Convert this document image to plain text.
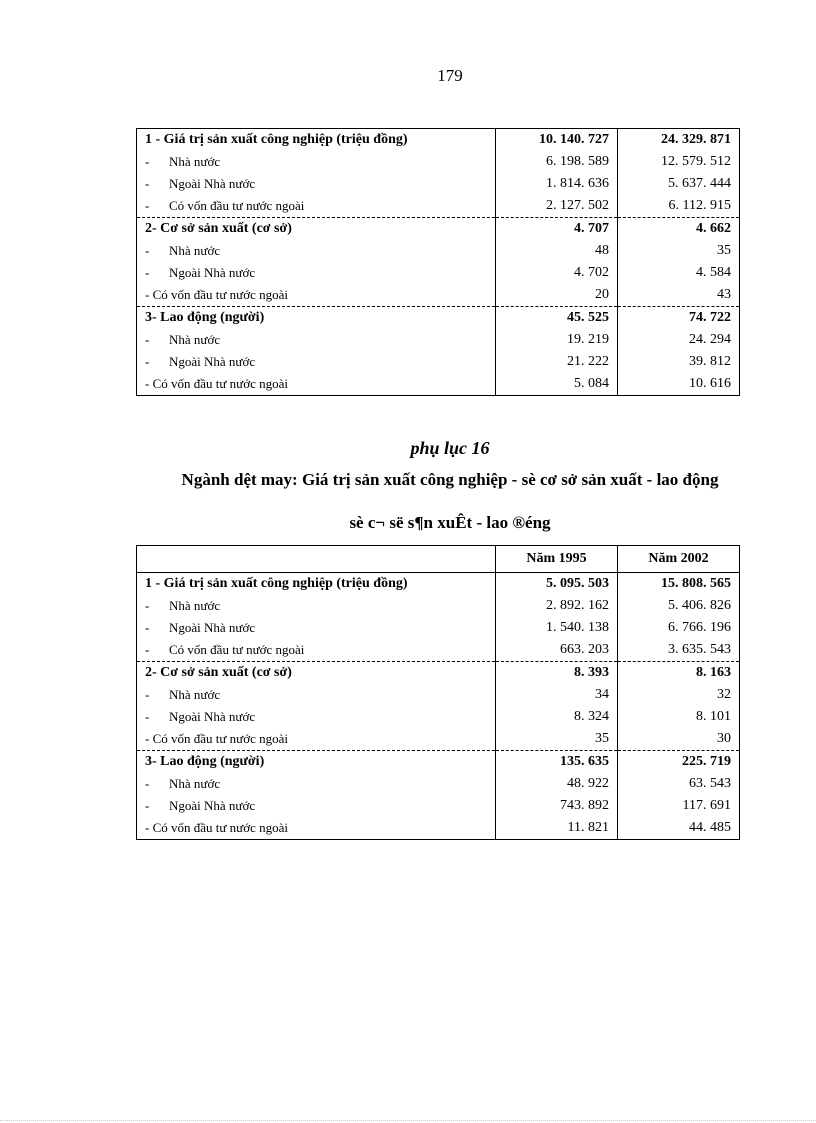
179
1 - Giá trị sản xuất công nghiệp (triệu đồng)	10. 140. 727	24. 329. 871
- Nhà nước	6. 198. 589	12. 579. 512
- Ngoài Nhà nước	1. 814. 636	5. 637. 444
- Có vốn đầu tư nước ngoài	2. 127. 502	6. 112. 915
2- Cơ sở sản xuất (cơ sở)	4. 707	4. 662
- Nhà nước	48	35
- Ngoài Nhà nước	4. 702	4. 584
- Có vốn đầu tư nước ngoài	20	43
3- Lao động (người)	45. 525	74. 722
- Nhà nước	19. 219	24. 294
- Ngoài Nhà nước	21. 222	39. 812
- Có vốn đầu tư nước ngoài	5. 084	10. 616
phụ lục 16
Ngành dệt may: Giá trị sản xuất công nghiệp - sè cơ sở sản xuất - lao động
sè c¬ së s¶n xuÊt - lao ®éng
	Năm 1995	Năm 2002
1 - Giá trị sản xuất công nghiệp (triệu đồng)	5. 095. 503	15. 808. 565
- Nhà nước	2. 892. 162	5. 406. 826
- Ngoài Nhà nước	1. 540. 138	6. 766. 196
- Có vốn đầu tư nước ngoài	663. 203	3. 635. 543
2- Cơ sở sản xuất (cơ sở)	8. 393	8. 163
- Nhà nước	34	32
- Ngoài Nhà nước	8. 324	8. 101
- Có vốn đầu tư nước ngoài	35	30
3- Lao động (người)	135. 635	225. 719
- Nhà nước	48. 922	63. 543
- Ngoài Nhà nước	743. 892	117. 691
- Có vốn đầu tư nước ngoài	11. 821	44. 485
